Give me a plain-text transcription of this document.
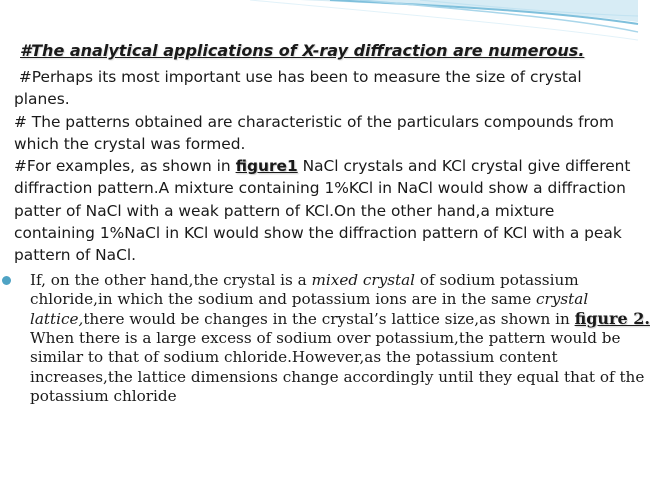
#The analytical applications of X-ray diffraction are numerous.

#Perhaps its most important use has been to measure the size of crystal planes.

# The patterns obtained are characteristic of the particulars compounds from which the crystal was formed.

#For examples, as shown in figure1 NaCl crystals and KCl crystal give different diffraction pattern.A mixture containing 1%KCl in NaCl would show a diffraction patter of NaCl with a weak pattern of KCl.On the other hand,a mixture containing 1%NaCl in KCl would show the diffraction pattern of KCl with a peak pattern of NaCl.

If, on the other hand,the crystal is a mixed crystal of sodium potassium chloride,in which the sodium and potassium ions are in the same crystal lattice,there would be changes in the crystal’s lattice size,as shown in figure 2. When there is a large excess of sodium over potassium,the pattern would be similar to that of sodium chloride.However,as the potassium content increases,the lattice dimensions change accordingly until they equal that of the potassium chloride
